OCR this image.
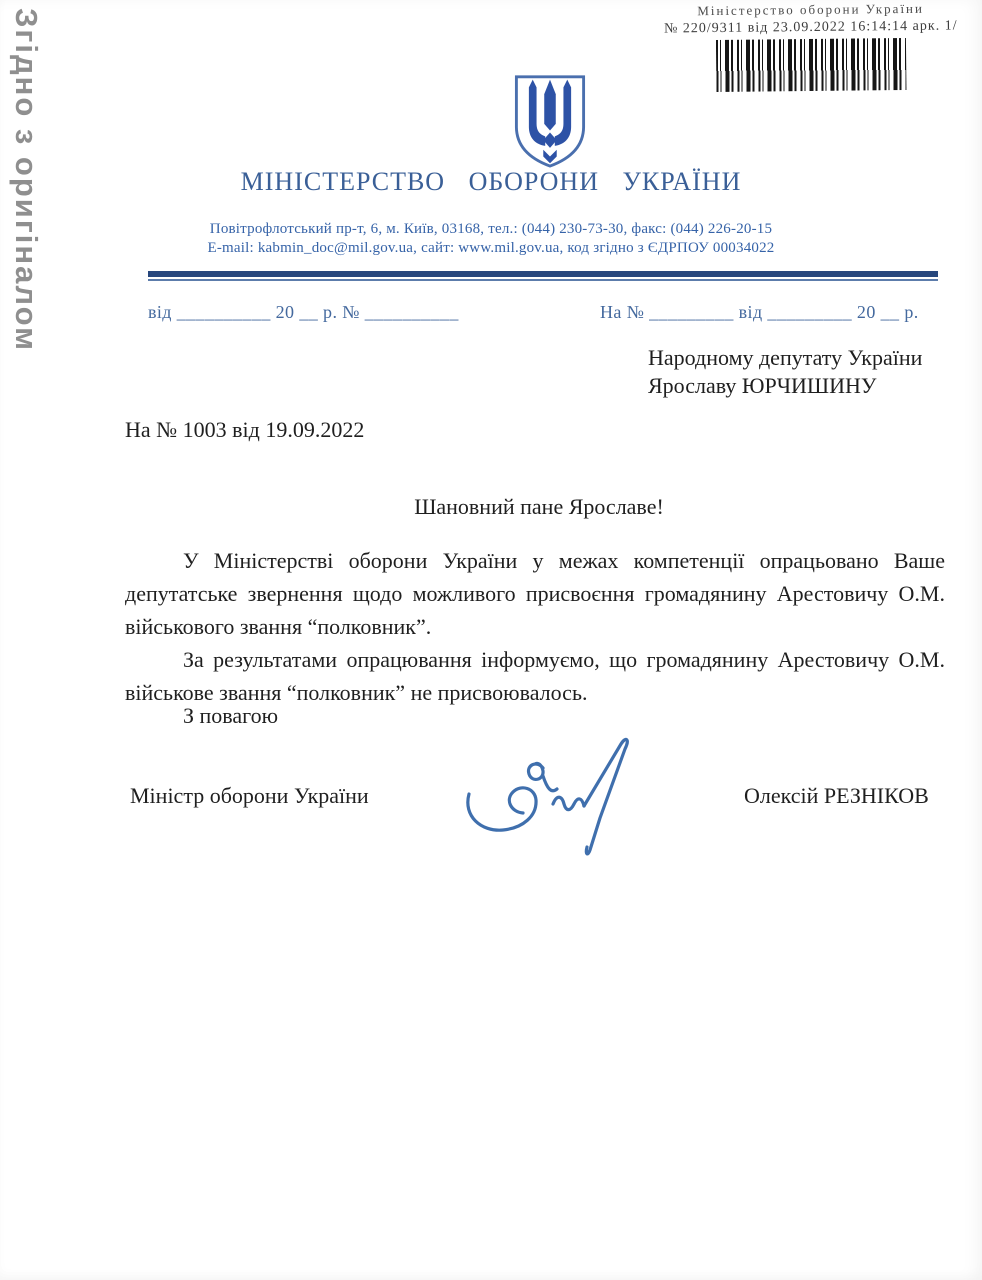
Згідно з оригіналом	Міністерство оборони України
№ 220/9311 від 23.09.2022 16:14:14 арк. 1/
МІНІСТЕРСТВО ОБОРОНИ УКРАЇНИ
Повітрофлотський пр-т, 6, м. Київ, 03168, тел.: (044) 230-73-30, факс: (044) 226-20-15
E-mail: kabmin_doc@mil.gov.ua, сайт: www.mil.gov.ua, код згідно з ЄДРПОУ 00034022
від __________ 20 __ р. № __________	На № _________ від _________ 20 __ р.
Народному депутату України
Ярославу ЮРЧИШИНУ
На № 1003 від 19.09.2022
Шановний пане Ярославе!

У Міністерстві оборони України у межах компетенції опрацьовано Ваше депутатське звернення щодо можливого присвоєння громадянину Арестовичу О.М. військового звання “полковник”.

За результатами опрацювання інформуємо, що громадянину Арестовичу О.М. військове звання “полковник” не присвоювалось.

З повагою
Міністр оборони України	Олексій РЕЗНІКОВ
